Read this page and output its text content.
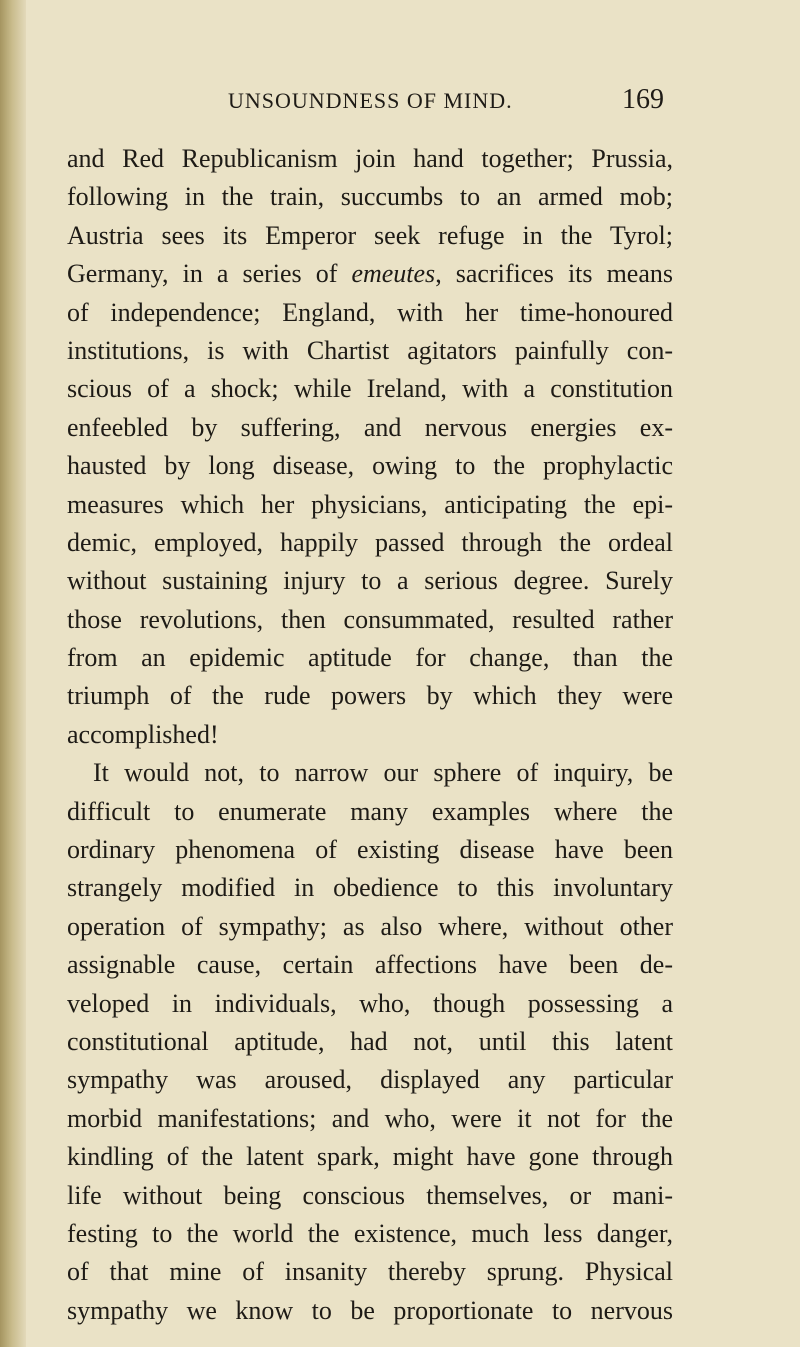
UNSOUNDNESS OF MIND.	169
and Red Republicanism join hand together; Prussia,
following in the train, succumbs to an armed mob;
Austria sees its Emperor seek refuge in the Tyrol;
Germany, in a series of emeutes, sacrifices its means
of independence; England, with her time-honoured
institutions, is with Chartist agitators painfully con-
scious of a shock; while Ireland, with a constitution
enfeebled by suffering, and nervous energies ex-
hausted by long disease, owing to the prophylactic
measures which her physicians, anticipating the epi-
demic, employed, happily passed through the ordeal
without sustaining injury to a serious degree. Surely
those revolutions, then consummated, resulted rather
from an epidemic aptitude for change, than the
triumph of the rude powers by which they were
accomplished!
It would not, to narrow our sphere of inquiry, be
difficult to enumerate many examples where the
ordinary phenomena of existing disease have been
strangely modified in obedience to this involuntary
operation of sympathy; as also where, without other
assignable cause, certain affections have been de-
veloped in individuals, who, though possessing a
constitutional aptitude, had not, until this latent
sympathy was aroused, displayed any particular
morbid manifestations; and who, were it not for the
kindling of the latent spark, might have gone through
life without being conscious themselves, or mani-
festing to the world the existence, much less danger,
of that mine of insanity thereby sprung. Physical
sympathy we know to be proportionate to nervous
